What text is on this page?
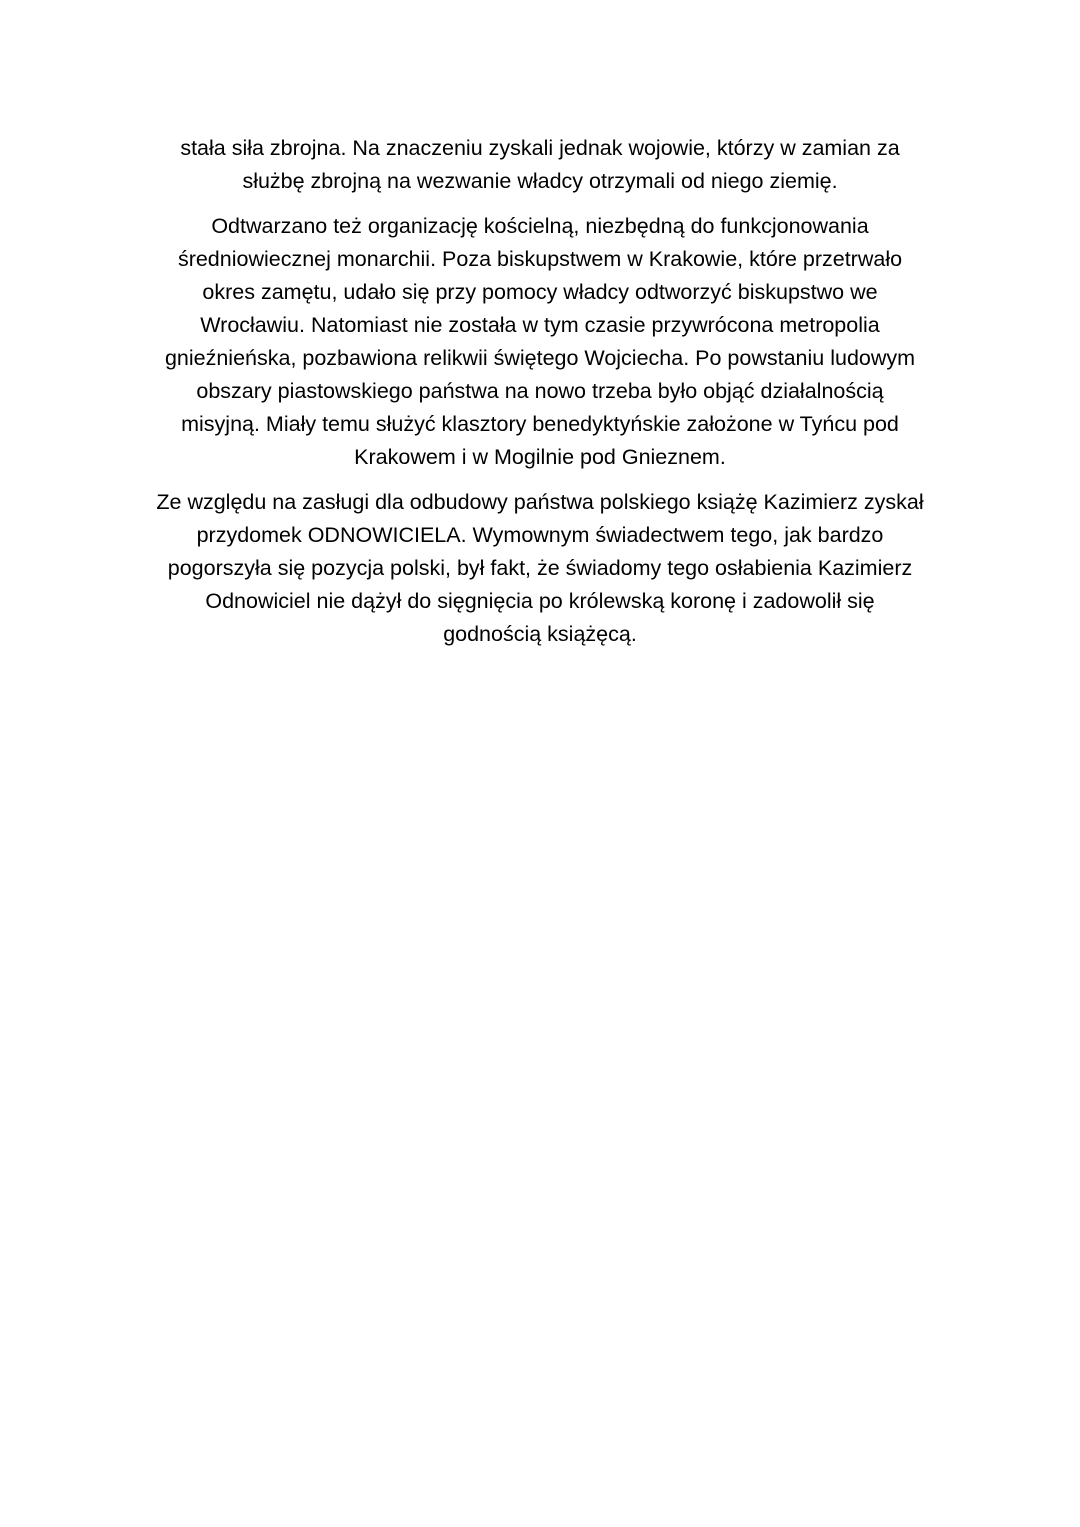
stała siła zbrojna. Na znaczeniu zyskali jednak wojowie, którzy w zamian za
służbę zbrojną na wezwanie władcy otrzymali od niego ziemię.

Odtwarzano też organizację kościelną, niezbędną do funkcjonowania
średniowiecznej monarchii. Poza biskupstwem w Krakowie, które przetrwało
okres zamętu, udało się przy pomocy władcy odtworzyć biskupstwo we
Wrocławiu. Natomiast nie została w tym czasie przywrócona metropolia
gnieźnieńska, pozbawiona relikwii świętego Wojciecha. Po powstaniu ludowym
obszary piastowskiego państwa na nowo trzeba było objąć działalnością
misyjną. Miały temu służyć klasztory benedyktyńskie założone w Tyńcu pod
Krakowem i w Mogilnie pod Gnieznem.

Ze względu na zasługi dla odbudowy państwa polskiego książę Kazimierz zyskał
przydomek ODNOWICIELA. Wymownym świadectwem tego, jak bardzo
pogorszyła się pozycja polski, był fakt, że świadomy tego osłabienia Kazimierz
Odnowiciel nie dążył do sięgnięcia po królewską koronę i zadowolił się
godnością książęcą.
